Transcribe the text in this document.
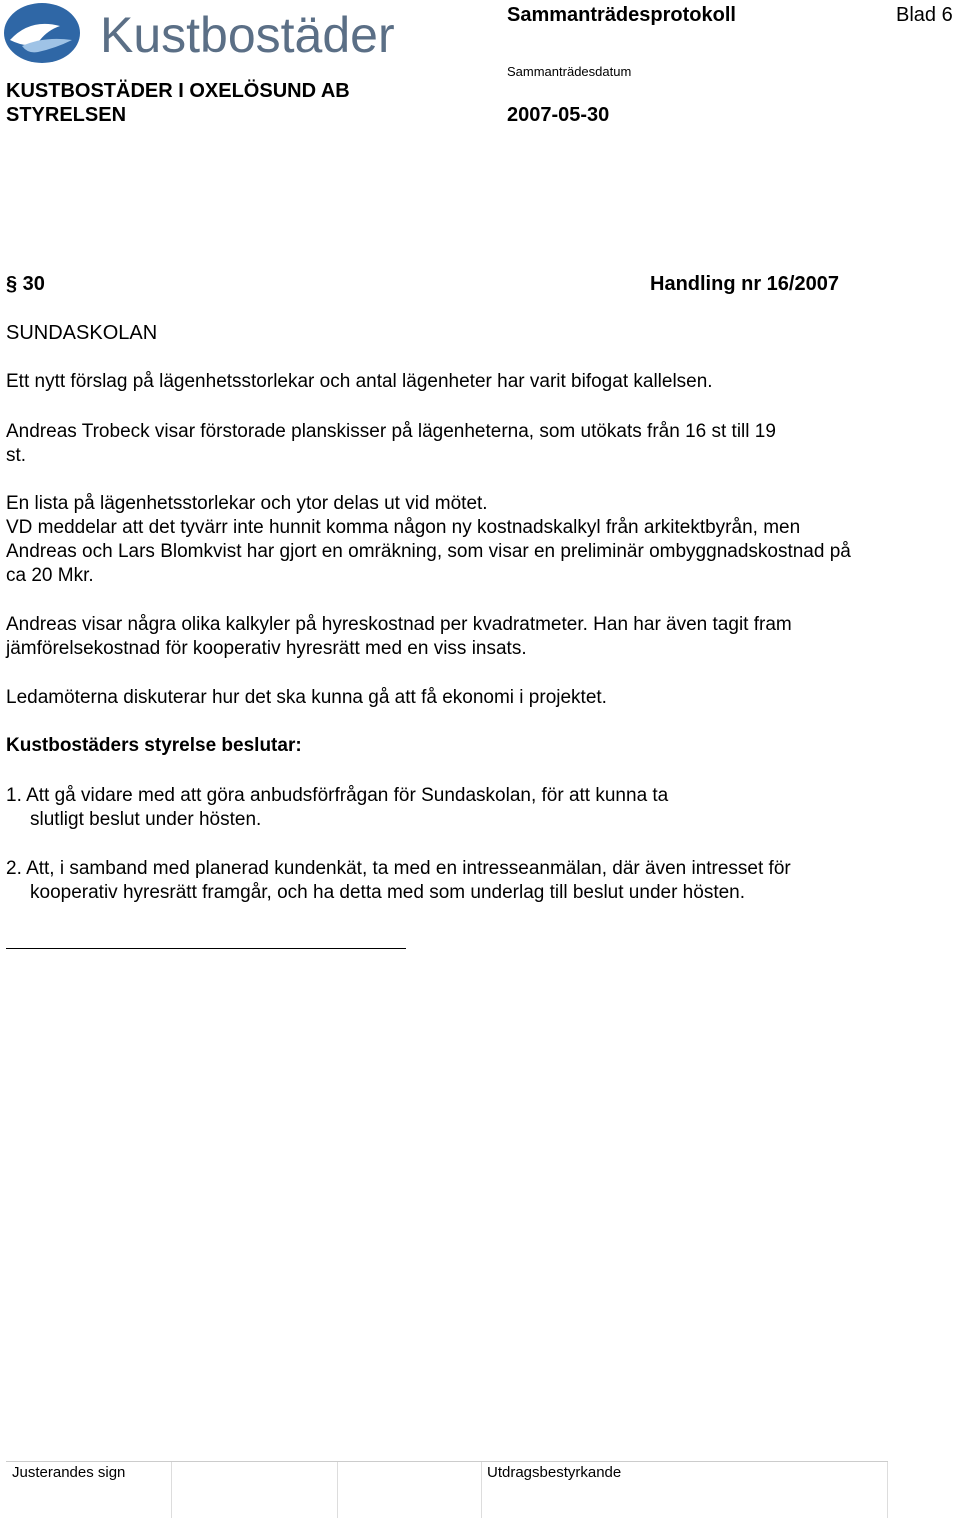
Kustbostäder	Sammanträdesprotokoll	Blad 6
Sammanträdesdatum
KUSTBOSTÄDER I OXELÖSUND AB
STYRELSEN	2007-05-30
§ 30	Handling nr 16/2007
SUNDASKOLAN
Ett nytt förslag på lägenhetsstorlekar och antal lägenheter har varit bifogat kallelsen.
Andreas Trobeck visar förstorade planskisser på lägenheterna, som utökats från 16 st till 19 st.
En lista på lägenhetsstorlekar och ytor delas ut vid mötet.
VD meddelar att det tyvärr inte hunnit komma någon ny kostnadskalkyl från arkitektbyrån, men Andreas och Lars Blomkvist har gjort en omräkning, som visar en preliminär ombyggnadskostnad på ca 20 Mkr.
Andreas visar några olika kalkyler på hyreskostnad per kvadratmeter. Han har även tagit fram jämförelsekostnad för kooperativ hyresrätt med en viss insats.
Ledamöterna diskuterar hur det ska kunna gå att få ekonomi i projektet.
Kustbostäders styrelse beslutar:
1. Att gå vidare med att göra anbudsförfrågan för Sundaskolan, för att kunna ta
slutligt beslut under hösten.
2. Att, i samband med planerad kundenkät, ta med en intresseanmälan, där även intresset för
kooperativ hyresrätt framgår, och ha detta med som underlag till beslut under hösten.
Justerandes sign	Utdragsbestyrkande
